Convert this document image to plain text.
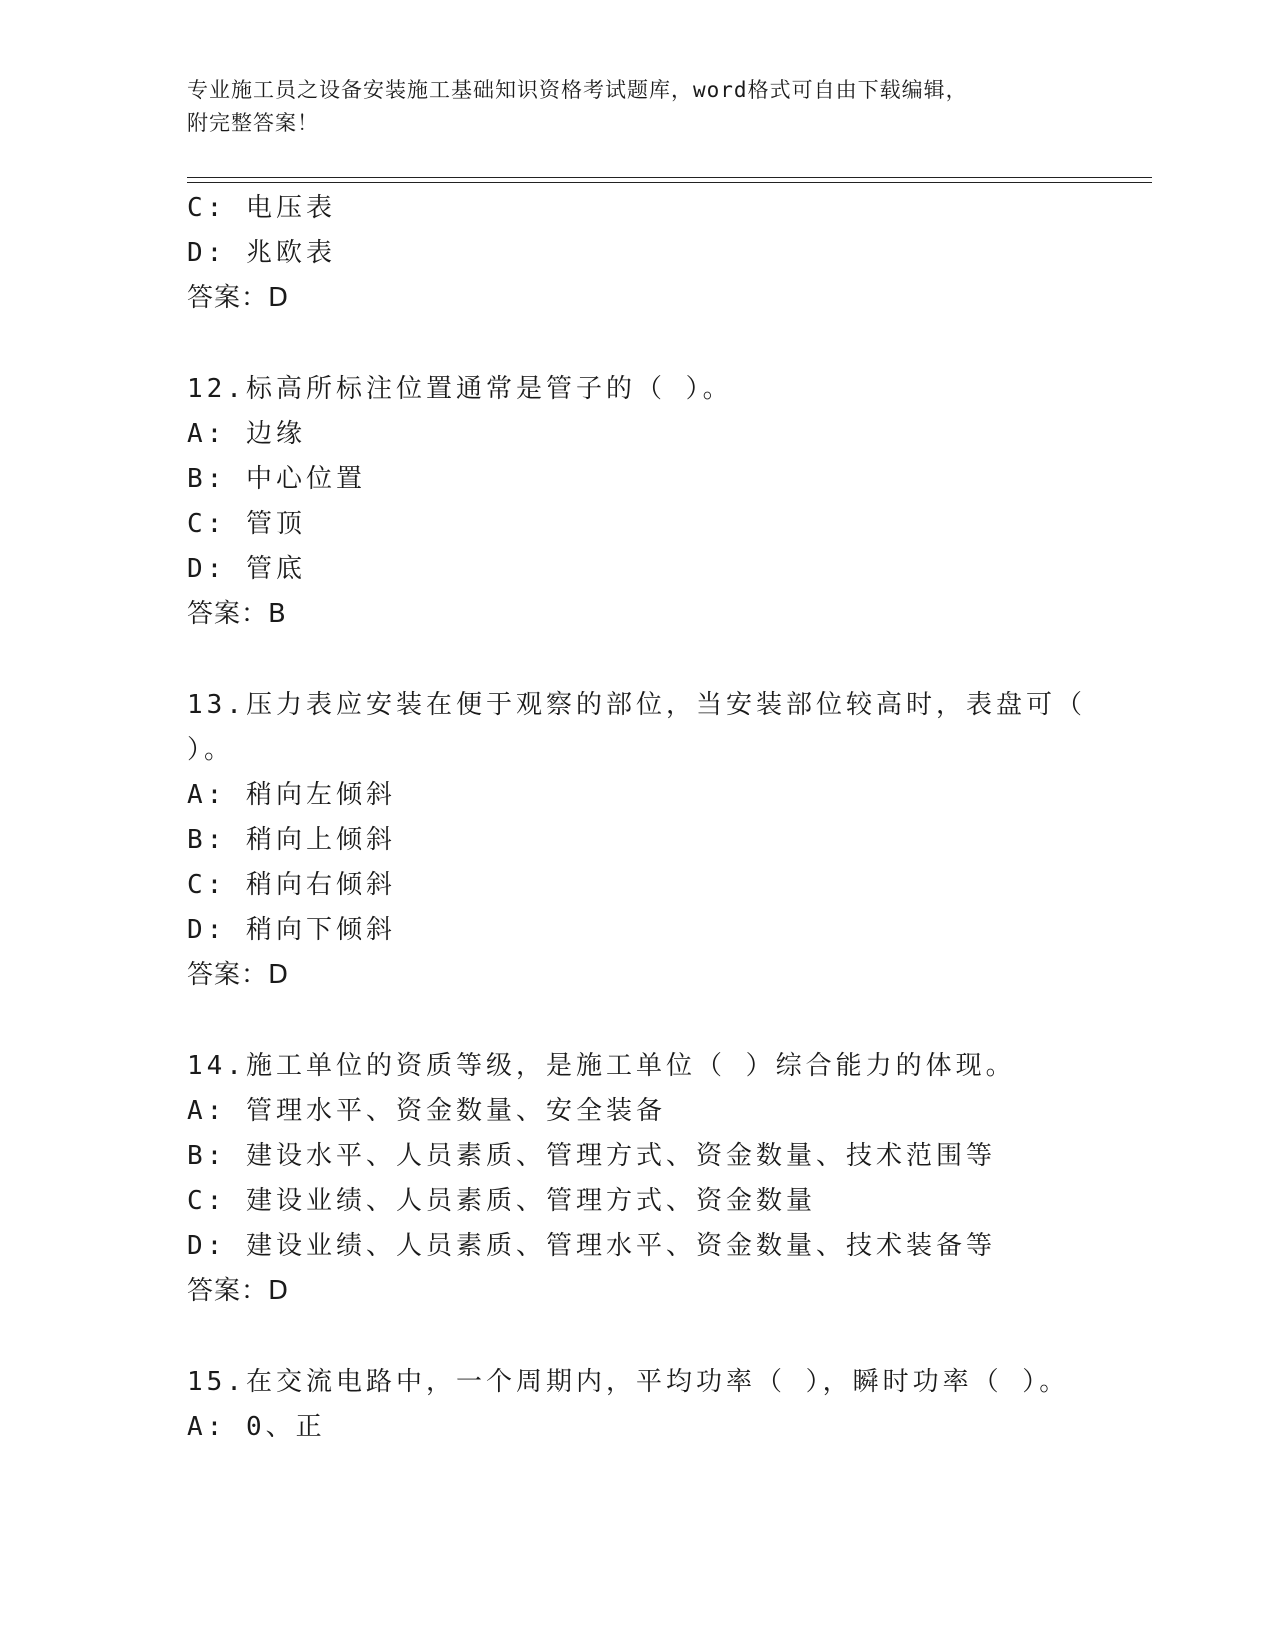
专业施工员之设备安装施工基础知识资格考试题库，word格式可自由下载编辑，
附完整答案！
C: 电压表
D: 兆欧表
答案：D
12.标高所标注位置通常是管子的（ ）。
A: 边缘
B: 中心位置
C: 管顶
D: 管底
答案：B
13.压力表应安装在便于观察的部位，当安装部位较高时，表盘可（
）。
A: 稍向左倾斜
B: 稍向上倾斜
C: 稍向右倾斜
D: 稍向下倾斜
答案：D
14.施工单位的资质等级，是施工单位（ ）综合能力的体现。
A: 管理水平、资金数量、安全装备
B: 建设水平、人员素质、管理方式、资金数量、技术范围等
C: 建设业绩、人员素质、管理方式、资金数量
D: 建设业绩、人员素质、管理水平、资金数量、技术装备等
答案：D
15.在交流电路中，一个周期内，平均功率（ ），瞬时功率（ ）。
A: 0、正
